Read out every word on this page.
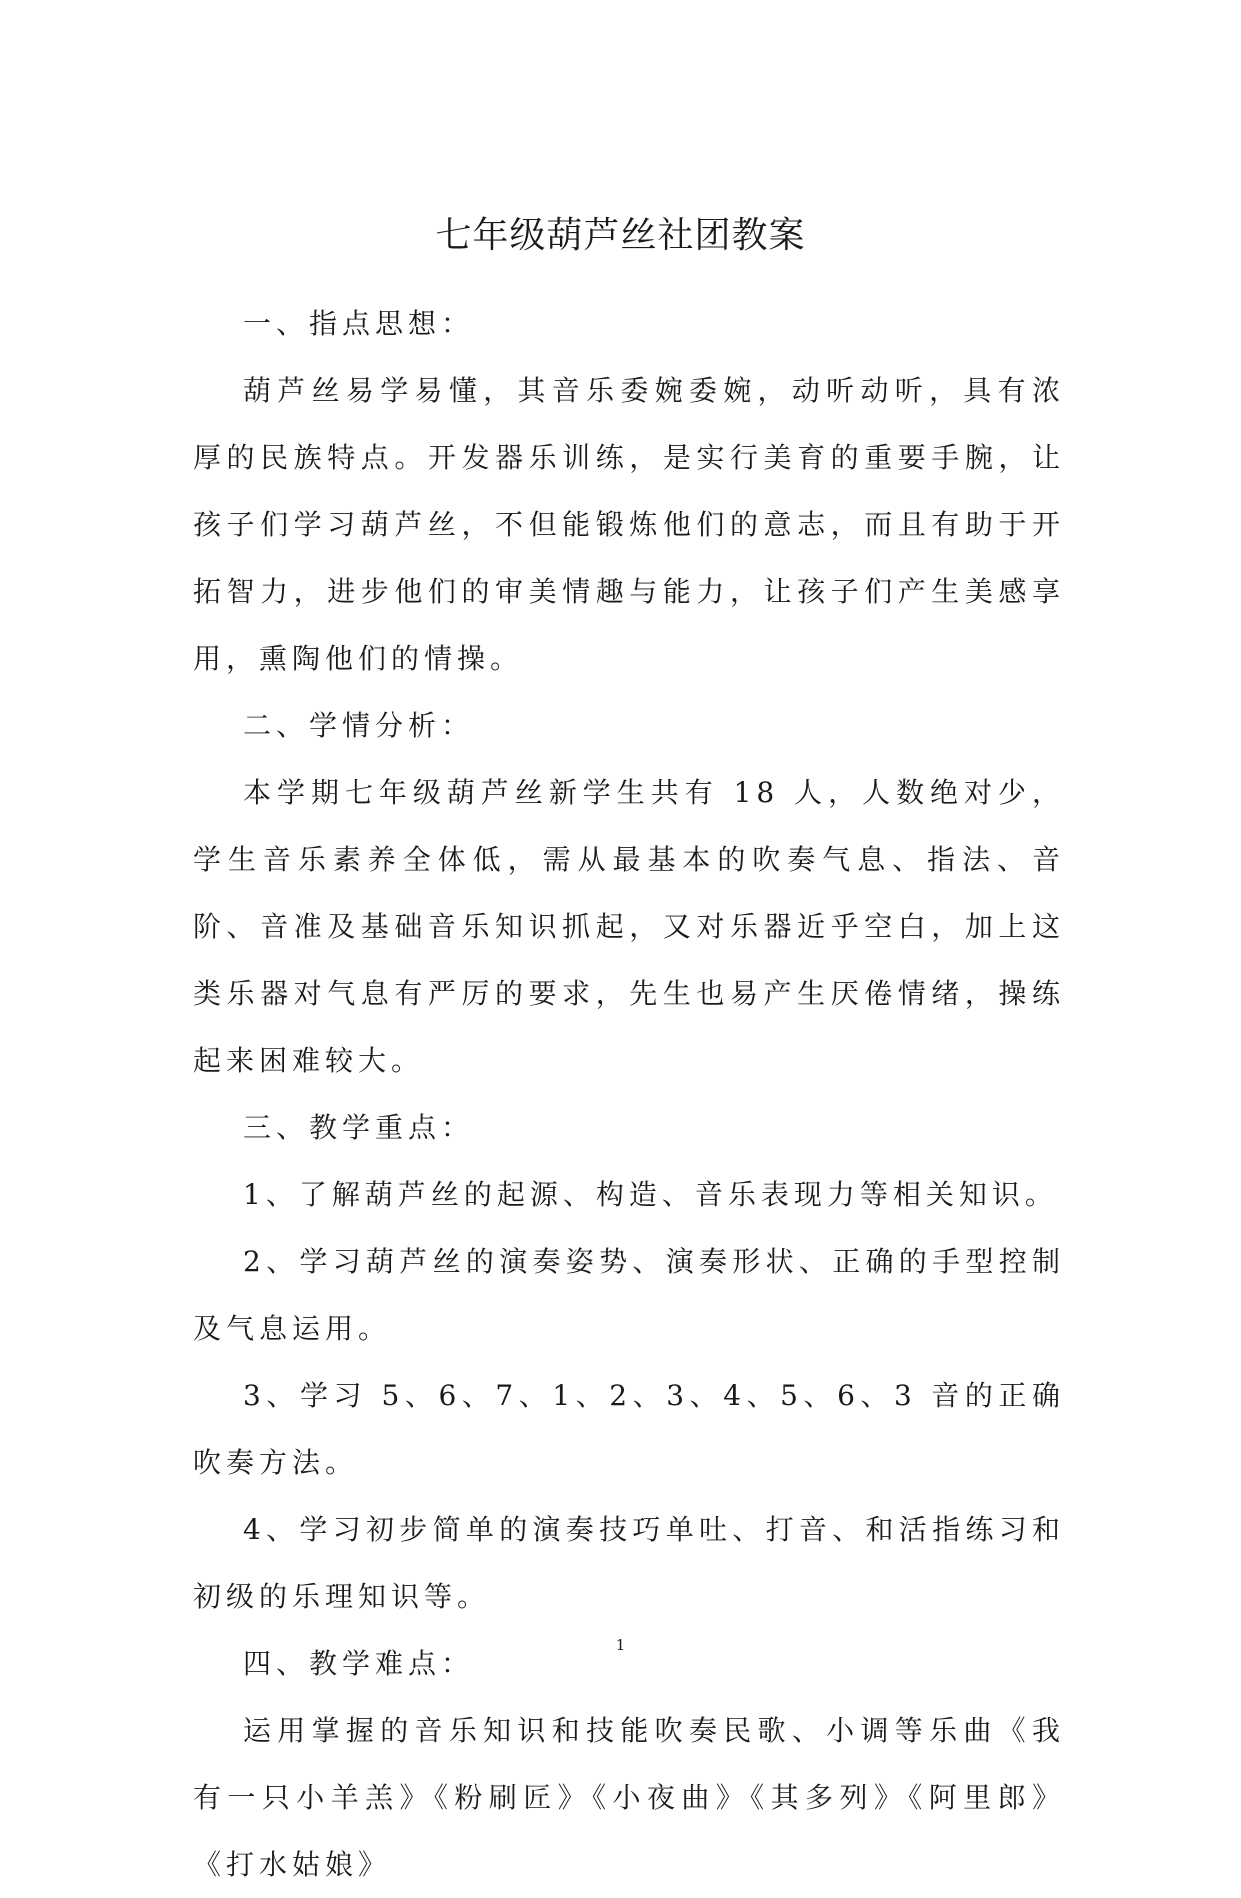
七年级葫芦丝社团教案

一、指点思想：

葫芦丝易学易懂，其音乐委婉委婉，动听动听，具有浓厚的民族特点。开发器乐训练，是实行美育的重要手腕，让孩子们学习葫芦丝，不但能锻炼他们的意志，而且有助于开拓智力，进步他们的审美情趣与能力，让孩子们产生美感享用，熏陶他们的情操。

二、学情分析：

本学期七年级葫芦丝新学生共有 18 人，人数绝对少，学生音乐素养全体低，需从最基本的吹奏气息、指法、音阶、音准及基础音乐知识抓起，又对乐器近乎空白，加上这类乐器对气息有严厉的要求，先生也易产生厌倦情绪，操练起来困难较大。

三、教学重点：

1、了解葫芦丝的起源、构造、音乐表现力等相关知识。

2、学习葫芦丝的演奏姿势、演奏形状、正确的手型控制及气息运用。

3、学习 5、6、7、1、2、3、4、5、6、3 音的正确吹奏方法。

4、学习初步简单的演奏技巧单吐、打音、和活指练习和初级的乐理知识等。

四、教学难点：

运用掌握的音乐知识和技能吹奏民歌、小调等乐曲《我有一只小羊羔》《粉刷匠》《小夜曲》《其多列》《阿里郎》《打水姑娘》

1
